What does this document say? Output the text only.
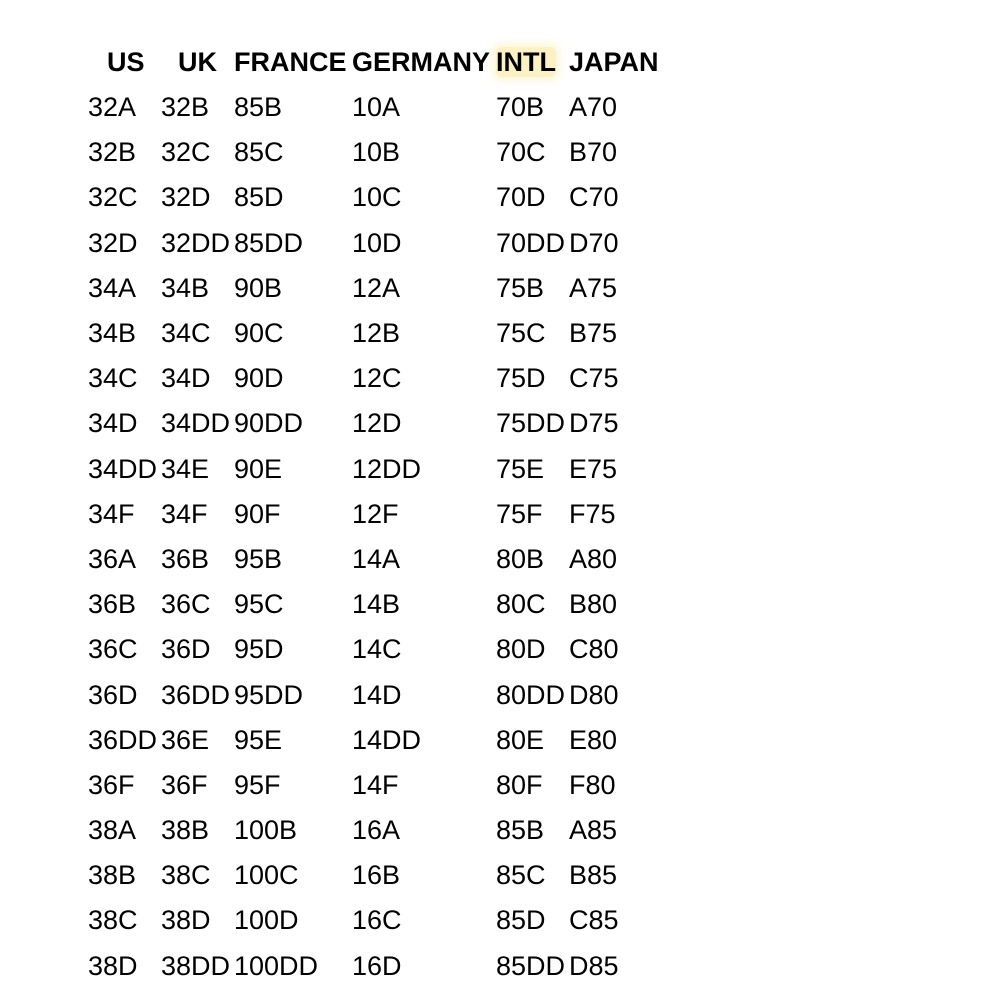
US	UK FRANCE GERMANY INTL JAPAN
32A 32B 85B	10A	70B A70
32B 32C 85C	10B	70C B70
32C 32D 85D	10C	70D C70
32D 32DD 85DD	10D	70DD D70
34A 34B 90B	12A	75B A75
34B 34C 90C	12B	75C B75
34C 34D 90D	12C	75D C75
34D 34DD 90DD	12D	75DD D75
34DD 34E 90E	12DD	75E E75
34F 34F 90F	12F	75F F75
36A 36B 95B	14A	80B A80
36B 36C 95C	14B	80C B80
36C 36D 95D	14C	80D C80
36D 36DD 95DD	14D	80DD D80
36DD 36E 95E	14DD	80E E80
36F 36F 95F	14F	80F F80
38A 38B 100B	16A	85B A85
38B 38C 100C	16B	85C B85
38C 38D 100D	16C	85D C85
38D 38DD 100DD	16D	85DD D85
